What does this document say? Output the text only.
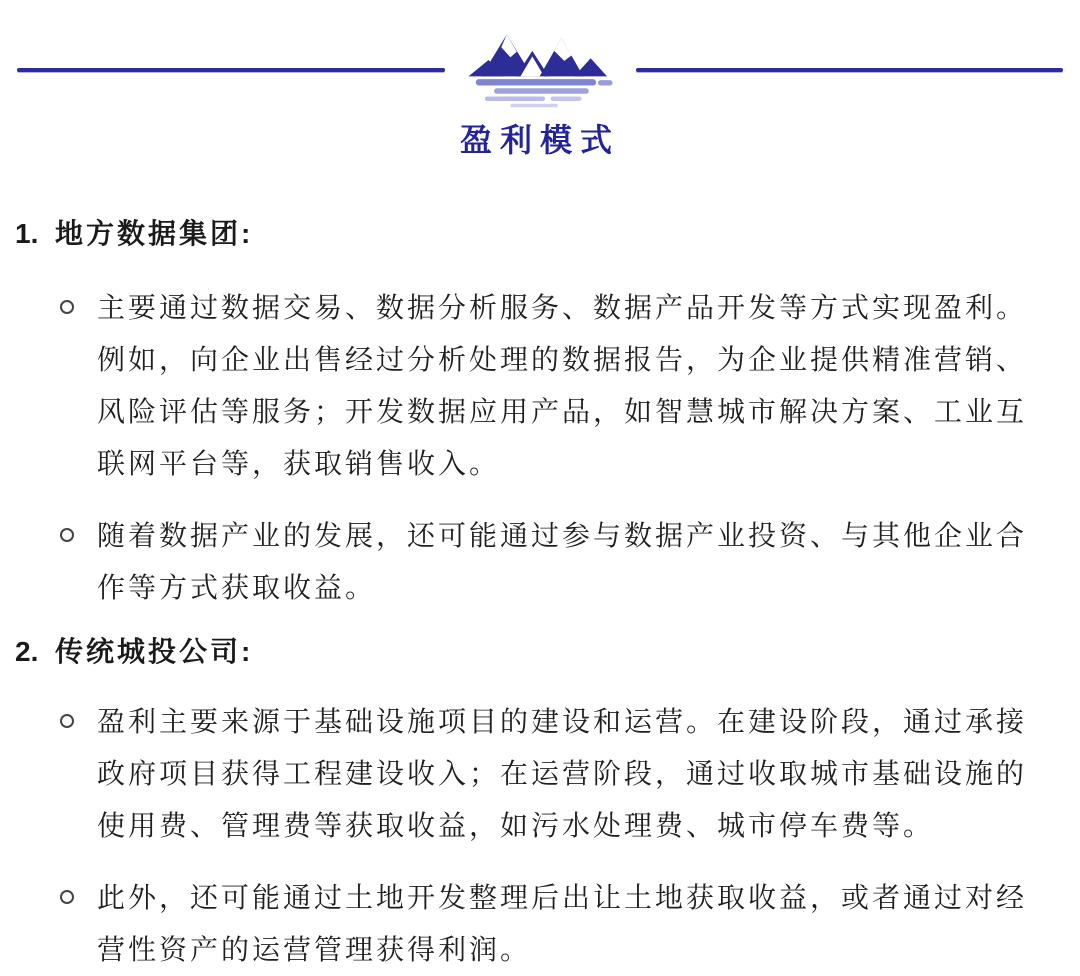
盈利模式
1. 地方数据集团:
主要通过数据交易、数据分析服务、数据产品开发等方式实现盈利。例如，向企业出售经过分析处理的数据报告，为企业提供精准营销、风险评估等服务；开发数据应用产品，如智慧城市解决方案、工业互联网平台等，获取销售收入。
随着数据产业的发展，还可能通过参与数据产业投资、与其他企业合作等方式获取收益。
2. 传统城投公司:
盈利主要来源于基础设施项目的建设和运营。在建设阶段，通过承接政府项目获得工程建设收入；在运营阶段，通过收取城市基础设施的使用费、管理费等获取收益，如污水处理费、城市停车费等。
此外，还可能通过土地开发整理后出让土地获取收益，或者通过对经营性资产的运营管理获得利润。
